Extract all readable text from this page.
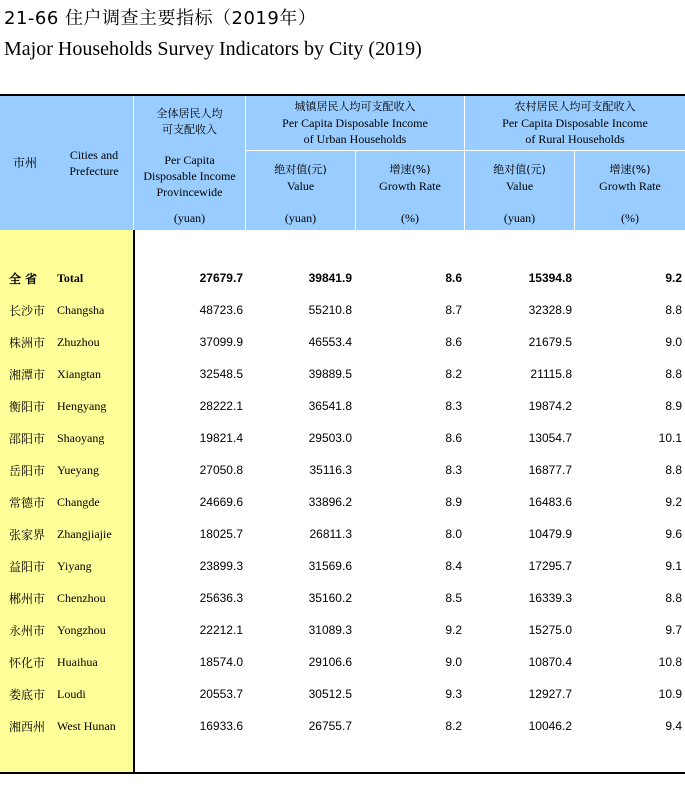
21-66 住户调查主要指标（2019年）
Major Households Survey Indicators by City (2019)
市州
Cities and
Prefecture
全体居民人均
可支配收入
Per Capita
Disposable Income
Provincewide
(yuan)
城镇居民人均可支配收入
Per Capita Disposable Income
of Urban Households
农村居民人均可支配收入
Per Capita Disposable Income
of Rural Households
绝对值(元)
Value
(yuan)
增速(%)
Growth Rate
(%)
绝对值(元)
Value
(yuan)
增速(%)
Growth Rate
(%)
全 省 Total	27679.7	39841.9	8.6	15394.8	9.2
长沙市 Changsha	48723.6	55210.8	8.7	32328.9	8.8
株洲市 Zhuzhou	37099.9	46553.4	8.6	21679.5	9.0
湘潭市 Xiangtan	32548.5	39889.5	8.2	21115.8	8.8
衡阳市 Hengyang	28222.1	36541.8	8.3	19874.2	8.9
邵阳市 Shaoyang	19821.4	29503.0	8.6	13054.7	10.1
岳阳市 Yueyang	27050.8	35116.3	8.3	16877.7	8.8
常德市 Changde	24669.6	33896.2	8.9	16483.6	9.2
张家界 Zhangjiajie	18025.7	26811.3	8.0	10479.9	9.6
益阳市 Yiyang	23899.3	31569.6	8.4	17295.7	9.1
郴州市 Chenzhou	25636.3	35160.2	8.5	16339.3	8.8
永州市 Yongzhou	22212.1	31089.3	9.2	15275.0	9.7
怀化市 Huaihua	18574.0	29106.6	9.0	10870.4	10.8
娄底市 Loudi	20553.7	30512.5	9.3	12927.7	10.9
湘西州 West Hunan	16933.6	26755.7	8.2	10046.2	9.4
